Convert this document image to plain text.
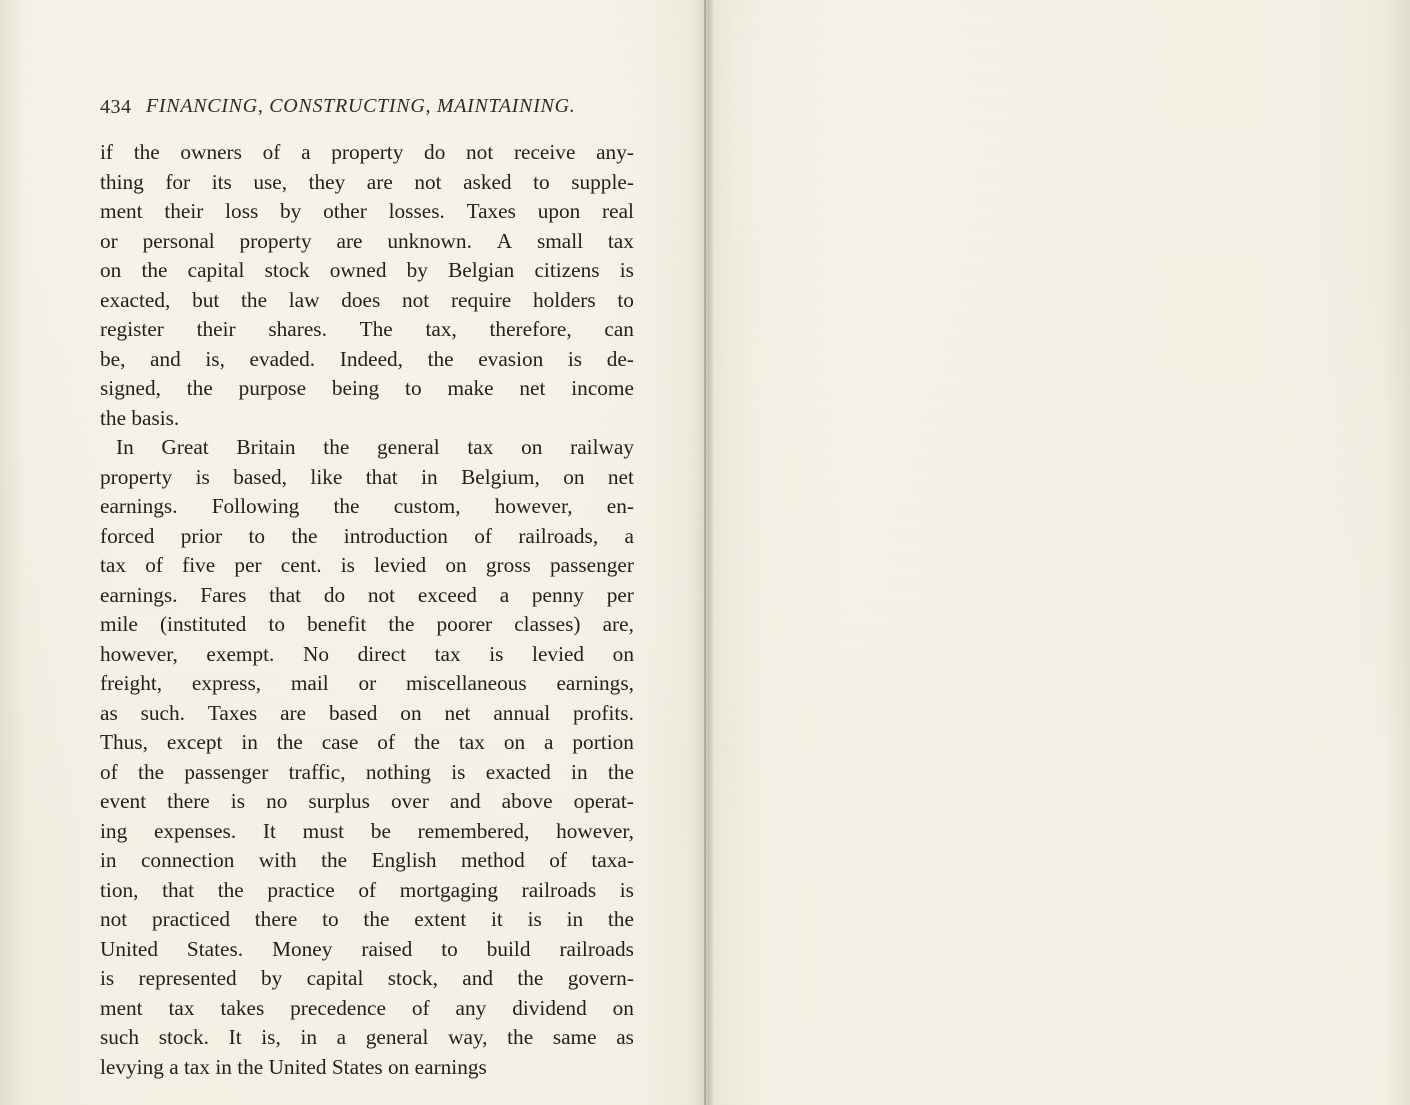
434 FINANCING, CONSTRUCTING, MAINTAINING.

if the owners of a property do not receive any-
thing for its use, they are not asked to supple-
ment their loss by other losses. Taxes upon real
or personal property are unknown. A small tax
on the capital stock owned by Belgian citizens is
exacted, but the law does not require holders to
register their shares. The tax, therefore, can
be, and is, evaded. Indeed, the evasion is de-
signed, the purpose being to make net income
the basis.

In Great Britain the general tax on railway
property is based, like that in Belgium, on net
earnings. Following the custom, however, en-
forced prior to the introduction of railroads, a
tax of five per cent. is levied on gross passenger
earnings. Fares that do not exceed a penny per
mile (instituted to benefit the poorer classes) are,
however, exempt. No direct tax is levied on
freight, express, mail or miscellaneous earnings,
as such. Taxes are based on net annual profits.
Thus, except in the case of the tax on a portion
of the passenger traffic, nothing is exacted in the
event there is no surplus over and above operat-
ing expenses. It must be remembered, however,
in connection with the English method of taxa-
tion, that the practice of mortgaging railroads is
not practiced there to the extent it is in the
United States. Money raised to build railroads
is represented by capital stock, and the govern-
ment tax takes precedence of any dividend on
such stock. It is, in a general way, the same as
levying a tax in the United States on earnings
